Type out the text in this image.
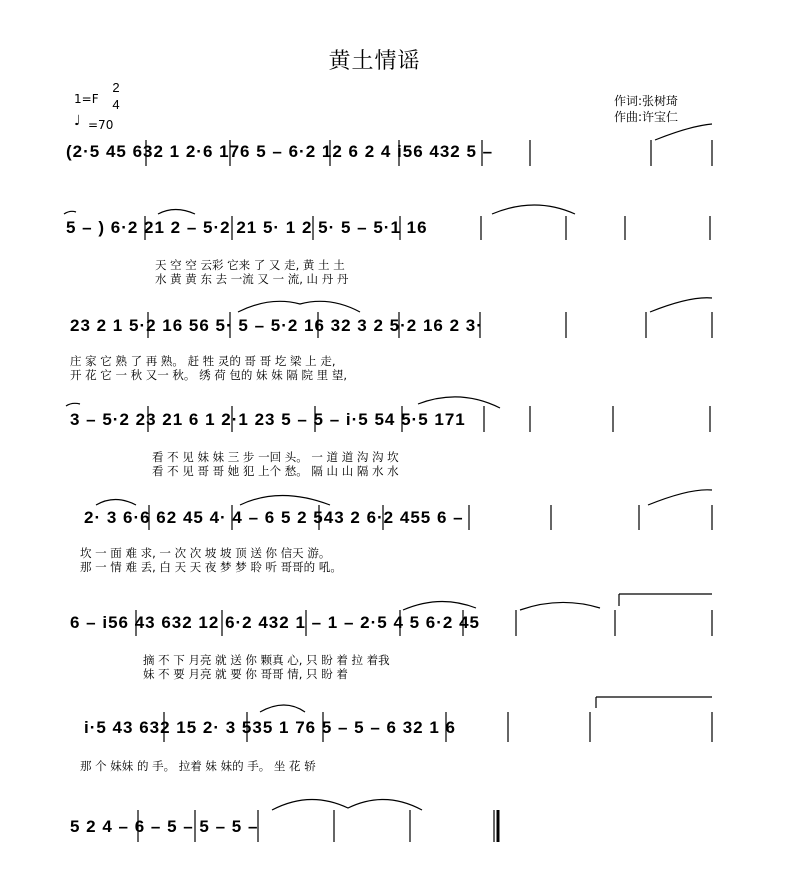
黄土情谣
1=F
2
4
♩ =70
作词:张树琦
作曲:许宝仁
(2·5 45 632 1 2·6 176 5 – 6·2 12 6 2 4 i56 432 5 –
5 – ) 6·2 21 2 – 5·2 21 5· 1 2 5· 5 – 5·1 16
天 空 空 云彩 它来 了 又 走, 黄 土 土
水 黄 黄 东 去 一流 又 一 流, 山 丹 丹
23 2 1 5·2 16 56 5· 5 – 5·2 16 32 3 2 5·2 16 2 3·
庄 家 它 熟 了 再 熟。 赶 牲 灵的 哥 哥 圪 梁 上 走,
开 花 它 一 秋 又一 秋。 绣 荷 包的 妹 妹 隔 院 里 望,
3 – 5·2 23 21 6 1 2·1 23 5 – 5 – i·5 54 5·5 171
看 不 见 妹 妹 三 步 一回 头。 一 道 道 沟 沟 坎
看 不 见 哥 哥 她 犯 上个 愁。 隔 山 山 隔 水 水
2· 3 6·6 62 45 4· 4 – 6 5 2 543 2 6·2 455 6 –
坎 一 面 难 求, 一 次 次 坡 坡 顶 送 你 信天 游。
那 一 情 难 丢, 白 天 天 夜 梦 梦 聆 听 哥哥的 吼。
6 – i56 43 632 12 6·2 432 1 – 1 – 2·5 4 5 6·2 45
摘 不 下 月亮 就 送 你 颗真 心, 只 盼 着 拉 着我
妹 不 要 月亮 就 要 你 哥哥 情, 只 盼 着
i·5 43 632 15 2· 3 535 1 76 5 – 5 – 6 32 1 6
那 个 妹妹 的 手。 拉着 妹 妹的 手。 坐 花 轿
5 2 4 – 6 – 5 – 5 – 5 –
